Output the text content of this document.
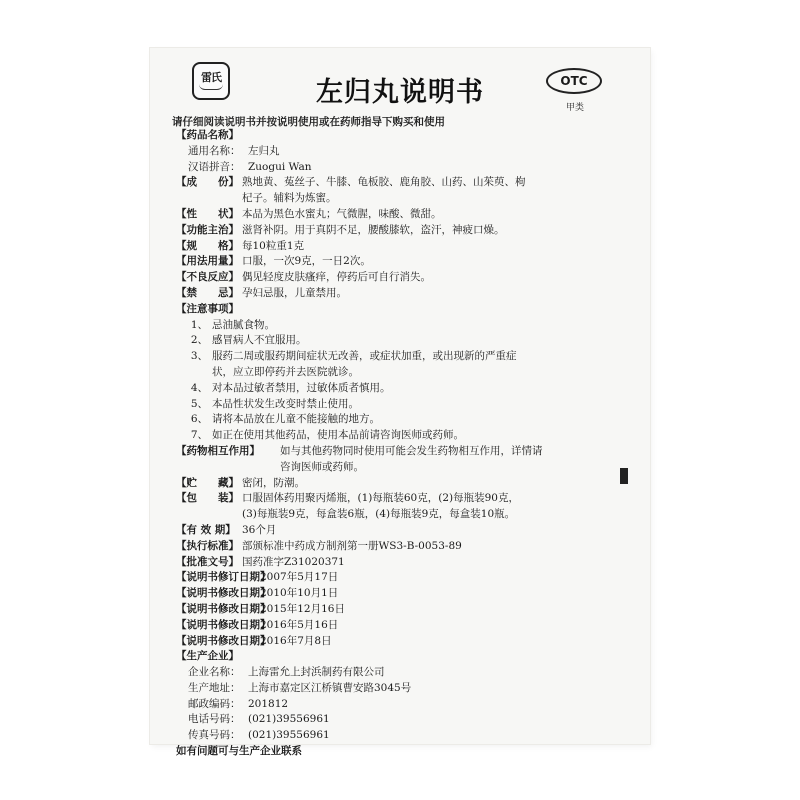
雷氏	左归丸说明书	OTC
甲类
请仔细阅读说明书并按说明使用或在药师指导下购买和使用
【药品名称】
通用名称： 左归丸
汉语拼音： Zuogui Wan
【成　　份】 熟地黄、菟丝子、牛膝、龟板胶、鹿角胶、山药、山茱萸、枸
杞子。辅料为炼蜜。
【性　　状】 本品为黑色水蜜丸；气微腥，味酸、微甜。
【功能主治】 滋肾补阴。用于真阴不足，腰酸膝软，盗汗，神疲口燥。
【规　　格】 每10粒重1克
【用法用量】 口服，一次9克，一日2次。
【不良反应】 偶见轻度皮肤瘙痒，停药后可自行消失。
【禁　　忌】 孕妇忌服，儿童禁用。
【注意事项】
1、 忌油腻食物。
2、 感冒病人不宜服用。
3、 服药二周或服药期间症状无改善，或症状加重，或出现新的严重症
状，应立即停药并去医院就诊。
4、 对本品过敏者禁用，过敏体质者慎用。
5、 本品性状发生改变时禁止使用。
6、 请将本品放在儿童不能接触的地方。
7、 如正在使用其他药品，使用本品前请咨询医师或药师。
【药物相互作用】	如与其他药物同时使用可能会发生药物相互作用，详情请
咨询医师或药师。
【贮　　藏】 密闭，防潮。
【包　　装】 口服固体药用聚丙烯瓶，(1)每瓶装60克，(2)每瓶装90克，
(3)每瓶装9克，每盒装6瓶，(4)每瓶装9克，每盒装10瓶。
【有 效 期】 36个月
【执行标准】 部颁标准中药成方制剂第一册WS3-B-0053-89
【批准文号】 国药准字Z31020371
【说明书修订日期】
2007年5月17日
【说明书修改日期】
2010年10月1日
【说明书修改日期】
2015年12月16日
【说明书修改日期】
2016年5月16日
【说明书修改日期】
2016年7月8日
【生产企业】
企业名称： 上海雷允上封浜制药有限公司
生产地址： 上海市嘉定区江桥镇曹安路3045号
邮政编码： 201812
电话号码： (021)39556961
传真号码： (021)39556961
如有问题可与生产企业联系
